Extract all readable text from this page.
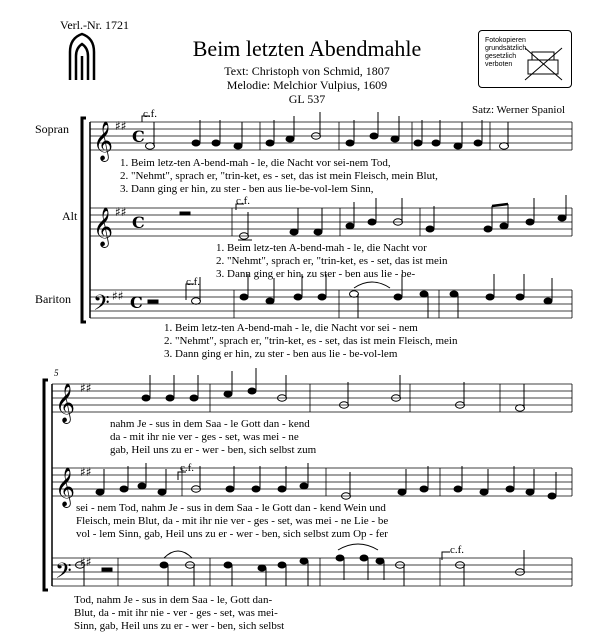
Verl.-Nr. 1721
𝄞
𝄞
𝄢
𝄞
𝄞
𝄢
♯♯
♯♯
♯♯
♯♯
♯♯
♯♯
C
C
C
Beim letzten Abendmahle
Text: Christoph von Schmid, 1807
Melodie: Melchior Vulpius, 1609
GL 537
Fotokopieren
grundsätzlich
gesetzlich
verboten
Satz: Werner Spaniol
Sopran
Alt
Bariton
c.f.
c.f.
c.f.
c.f.
c.f.
5
1. Beim letz-ten A-bend-mah - le, die Nacht vor sei-nem Tod,
2. "Nehmt", sprach er, "trin-ket, es - set, das ist mein Fleisch, mein Blut,
3. Dann ging er hin, zu ster - ben aus lie-be-vol-lem Sinn,
1. Beim letz-ten A-bend-mah - le, die Nacht vor
2. "Nehmt", sprach er, "trin-ket, es - set, das ist mein
3. Dann ging er hin, zu ster - ben aus lie - be-
1. Beim letz-ten A-bend-mah - le, die Nacht vor sei - nem
2. "Nehmt", sprach er, "trin-ket, es - set, das ist mein Fleisch, mein
3. Dann ging er hin, zu ster - ben aus lie - be-vol-lem
nahm Je - sus in dem Saa - le Gott dan - kend
da - mit ihr nie ver - ges - set, was mei - ne
gab, Heil uns zu er - wer - ben, sich selbst zum
sei - nem Tod, nahm Je - sus in dem Saa - le Gott dan - kend Wein und
Fleisch, mein Blut, da - mit ihr nie ver - ges - set, was mei - ne Lie - be
vol - lem Sinn, gab, Heil uns zu er - wer - ben, sich selbst zum Op - fer
Tod, nahm Je - sus in dem Saa - le, Gott dan-
Blut, da - mit ihr nie - ver - ges - set, was mei-
Sinn, gab, Heil uns zu er - wer - ben, sich selbst
